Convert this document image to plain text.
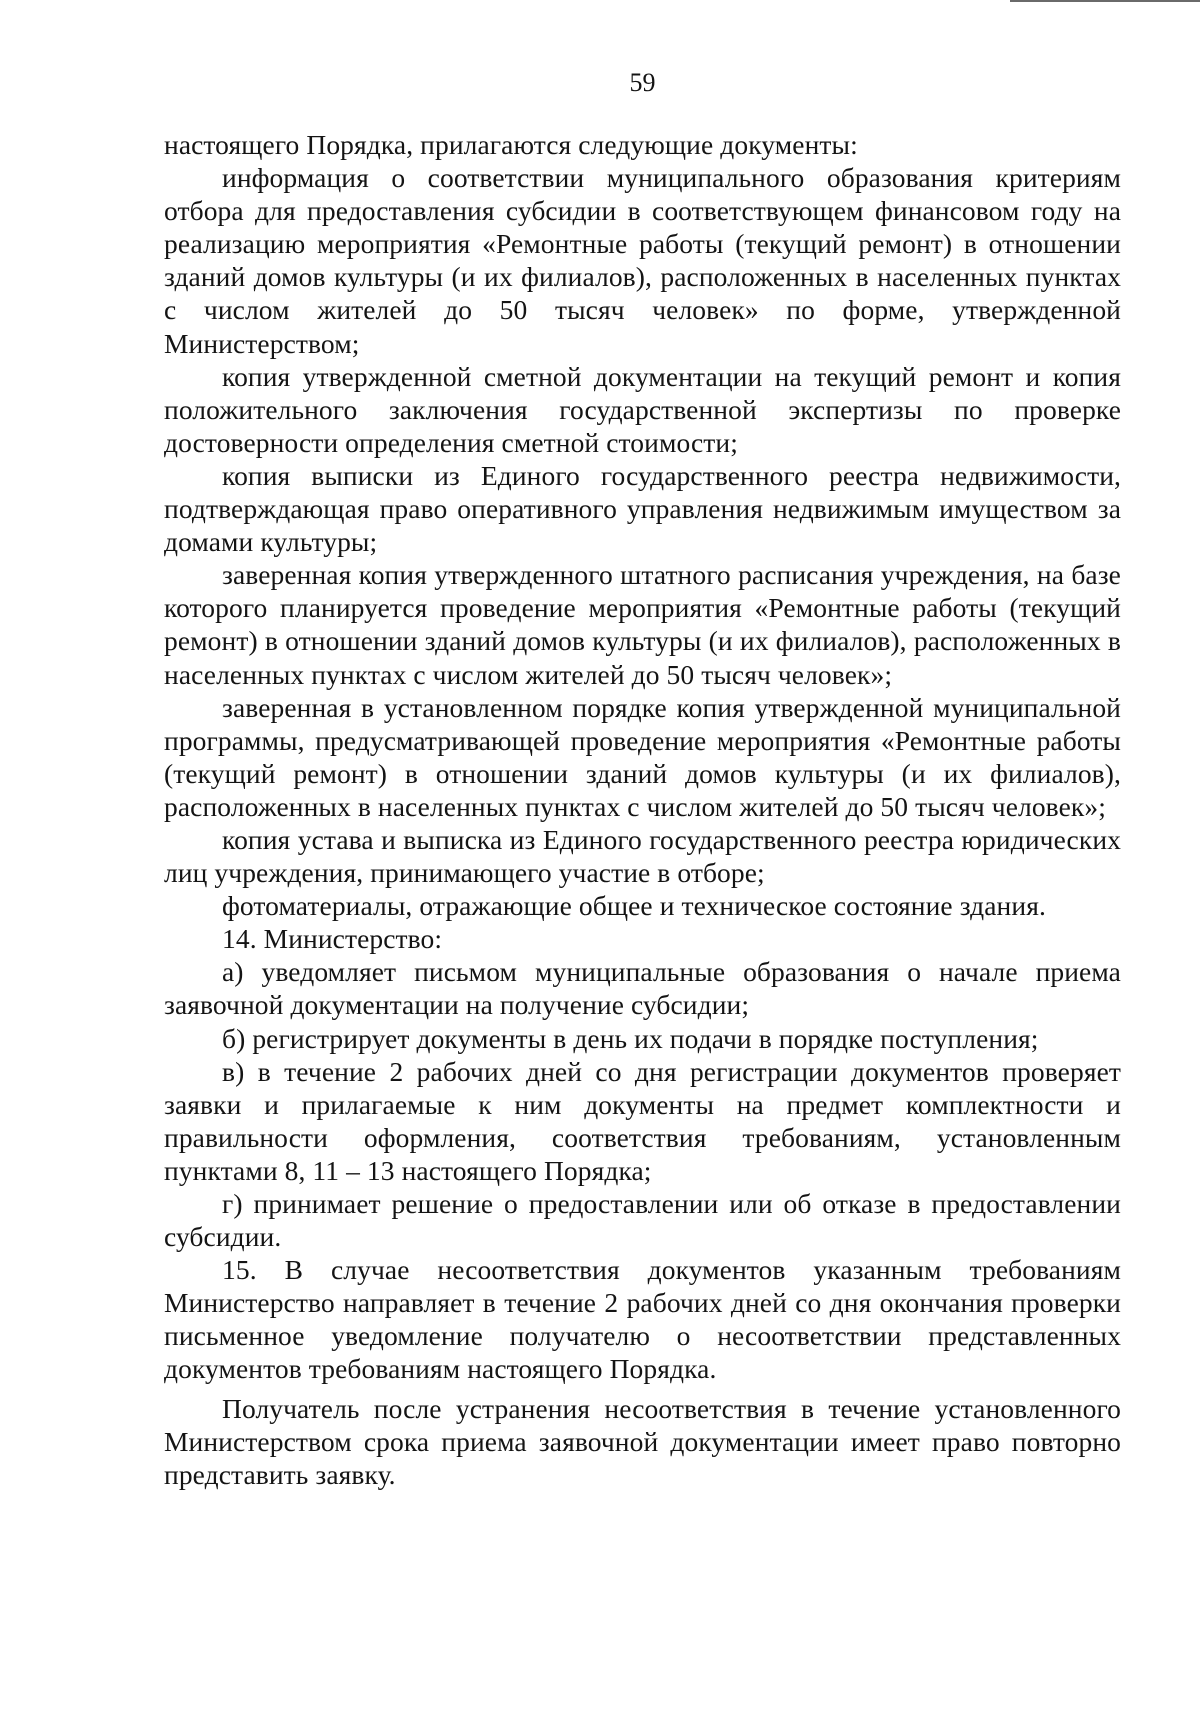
59

настоящего Порядка, прилагаются следующие документы:

информация о соответствии муниципального образования критериям отбора для предоставления субсидии в соответствующем финансовом году на реализацию мероприятия «Ремонтные работы (текущий ремонт) в отношении зданий домов культуры (и их филиалов), расположенных в населенных пунктах с числом жителей до 50 тысяч человек» по форме, утвержденной Министерством;

копия утвержденной сметной документации на текущий ремонт и копия положительного заключения государственной экспертизы по проверке достоверности определения сметной стоимости;

копия выписки из Единого государственного реестра недвижимости, подтверждающая право оперативного управления недвижимым имуществом за домами культуры;

заверенная копия утвержденного штатного расписания учреждения, на базе которого планируется проведение мероприятия «Ремонтные работы (текущий ремонт) в отношении зданий домов культуры (и их филиалов), расположенных в населенных пунктах с числом жителей до 50 тысяч человек»;

заверенная в установленном порядке копия утвержденной муниципальной программы, предусматривающей проведение мероприятия «Ремонтные работы (текущий ремонт) в отношении зданий домов культуры (и их филиалов), расположенных в населенных пунктах с числом жителей до 50 тысяч человек»;

копия устава и выписка из Единого государственного реестра юридических лиц учреждения, принимающего участие в отборе;

фотоматериалы, отражающие общее и техническое состояние здания.

14. Министерство:

а) уведомляет письмом муниципальные образования о начале приема заявочной документации на получение субсидии;

б) регистрирует документы в день их подачи в порядке поступления;

в) в течение 2 рабочих дней со дня регистрации документов проверяет заявки и прилагаемые к ним документы на предмет комплектности и правильности оформления, соответствия требованиям, установленным пунктами 8, 11 – 13 настоящего Порядка;

г) принимает решение о предоставлении или об отказе в предоставлении субсидии.

15. В случае несоответствия документов указанным требованиям Министерство направляет в течение 2 рабочих дней со дня окончания проверки письменное уведомление получателю о несоответствии представленных документов требованиям настоящего Порядка.

Получатель после устранения несоответствия в течение установленного Министерством срока приема заявочной документации имеет право повторно представить заявку.
